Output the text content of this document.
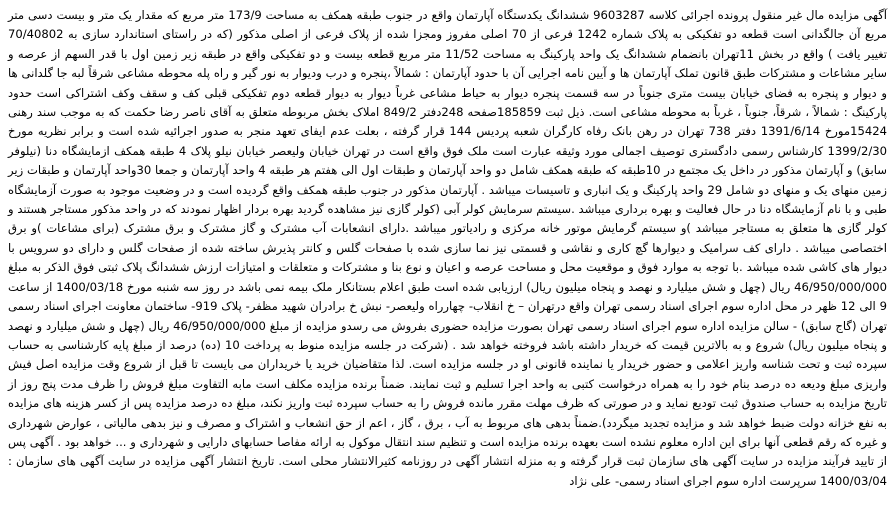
آگهی مزایده مال غیر منقول پرونده اجرائی کلاسه 9603287 ششدانگ یکدستگاه آپارتمان واقع در جنوب طبقه همکف به مساحت 173/9 متر مربع که مقدار یک متر و بیست دسی متر مربع آن جالگدانی است قطعه دو تفکیکی به پلاک شماره 1242 فرعی از 70 اصلی مفروز ومجزا شده از پلاک فرعی از اصلی مذکور (که در راستای استاندارد سازی به 70/40802 تغییر یافت ) واقع در بخش 11تهران بانضمام ششدانگ یک واحد پارکینگ به مساحت 11/52 متر مربع قطعه بیست و دو تفکیکی واقع در طبقه زیر زمین اول با قدر السهم از عرصه و سایر مشاعات و مشترکات طبق قانون تملک آپارتمان ها و آیین نامه اجرایی آن با حدود آپارتمان : شمالاً ،پنجره و درب ودیوار به نور گیر و راه پله محوطه مشاعی شرقاً لبه جا گلدانی ها و دیوار و پنجره به فضای خیابان بیست متری جنوباً در سه قسمت پنجره دیوار به حیاط مشاعی غرباً دیوار به دیوار قطعه دوم تفکیکی قبلی کف و سقف وکف اشتراکی است حدود پارکینگ : شمالاً ، شرقاً، جنوباً ، غرباً به محوطه مشاعی است. ذیل ثبت 185859صفحه 248دفتر 849/2 املاک بخش مربوطه متعلق به آقای ناصر رضا حکمت که به موجب سند رهنی 15424مورخ 1391/6/14 دفتر 738 تهران در رهن بانک رفاه کارگران شعبه پردیس 144 قرار گرفته ، بعلت عدم ایفای تعهد منجر به صدور اجرائیه شده است و برابر نظریه مورخ 1399/2/30 کارشناس رسمی دادگستری توصیف اجمالی مورد وثیقه عبارت است ملک فوق واقع است در تهران خیابان ولیعصر خیابان نیلو پلاک 4 طبقه همکف ازمایشگاه دنا (نیلوفر سابق) و آپارتمان مذکور در داخل یک مجتمع در 10طبقه که طبقه همکف شامل دو واحد آپارتمان و طبقات اول الی هفتم هر طبقه 4 واحد آپارتمان و جمعا 30واحد آپارتمان و طبقات زیر زمین منهای یک و منهای دو شامل 29 واحد پارکینگ و یک انباری و تاسیسات میباشد . آپارتمان مذکور در جنوب طبقه همکف واقع گردیده است و در وضعیت موجود به صورت آزمایشگاه طبی و با نام آزمایشگاه دنا در حال فعالیت و بهره برداری میباشد .سیستم سرمایش کولر آبی (کولر گازی نیز مشاهده گردید بهره بردار اظهار نمودند که در واحد مذکور مستاجر هستند و کولر گازی ها متعلق به مستاجر میباشد )و سیستم گرمایش موتور خانه مرکزی و رادیاتور میباشد .دارای انشعابات آب مشترک و گاز مشترک و برق مشترک (برای مشاعات )و برق اختصاصی میباشد . دارای کف سرامیک و دیوارها گچ کاری و نقاشی و قسمتی نیز نما سازی شده با صفحات گلس و کانتر پذیرش ساخته شده از صفحات گلس و دارای دو سرویس با دیوار های کاشی شده میباشد .با توجه به موارد فوق و موقعیت محل و مساحت عرصه و اعیان و نوع بنا و مشترکات و متعلقات و امتیازات ارزش ششدانگ پلاک ثبتی فوق الذکر به مبلغ 46/950/000/000 ریال (چهل و شش میلیارد و نهصد و پنجاه میلیون ریال) ارزیابی شده است طبق اعلام بستانکار ملک بیمه نمی باشد در روز سه شنبه مورخ 1400/03/18 از ساعت 9 الی 12 ظهر در محل اداره سوم اجرای اسناد رسمی تهران واقع درتهران – خ انقلاب- چهارراه ولیعصر- نبش خ برادران شهید مظفر- پلاک 919- ساختمان معاونت اجرای اسناد رسمی تهران (گاج سابق) - سالن مزایده اداره سوم اجرای اسناد رسمی تهران بصورت مزایده حضوری بفروش می رسدو مزایده از مبلغ 46/950/000/000 ریال (چهل و شش میلیارد و نهصد و پنجاه میلیون ریال) شروع و به بالاترین قیمت که خریدار داشته باشد فروخته خواهد شد . (شرکت در جلسه مزایده منوط به پرداخت 10 (ده) درصد از مبلغ پایه کارشناسی به حساب سپرده ثبت و تحت شناسه واریز اعلامی و حضور خریدار یا نماینده قانونی او در جلسه مزایده است. لذا متقاضیان خرید یا خریداران می بایست تا قبل از شروع وقت مزایده اصل فیش واریزی مبلغ ودیعه ده درصد بنام خود را به همراه درخواست کتبی به واحد اجرا تسلیم و ثبت نمایند. ضمناً برنده مزایده مکلف است مابه التفاوت مبلغ فروش را ظرف مدت پنج روز از تاریخ مزایده به حساب صندوق ثبت تودیع نماید و در صورتی که ظرف مهلت مقرر مانده فروش را به حساب سپرده ثبت واریز نکند، مبلغ ده درصد مزایده پس از کسر هزینه های مزایده به نفع خزانه دولت ضبط خواهد شد و مزایده تجدید میگردد).ضمناً بدهی های مربوط به آب ، برق ، گاز ، اعم از حق انشعاب و اشتراک و مصرف و نیز بدهی مالیاتی ، عوارض شهرداری و غیره که رقم قطعی آنها برای این اداره معلوم نشده است بعهده برنده مزایده است و تنظیم سند انتقال موکول به ارائه مفاصا حسابهای دارایی و شهرداری و ... خواهد بود . آگهی پس از تایید فرآیند مزایده در سایت آگهی های سازمان ثبت قرار گرفته و به منزله انتشار آگهی در روزنامه کثیرالانتشار محلی است. تاریخ انتشار آگهی مزایده در سایت آگهی های سازمان : 1400/03/04 سرپرست اداره سوم اجرای اسناد رسمی- علی نژاد
